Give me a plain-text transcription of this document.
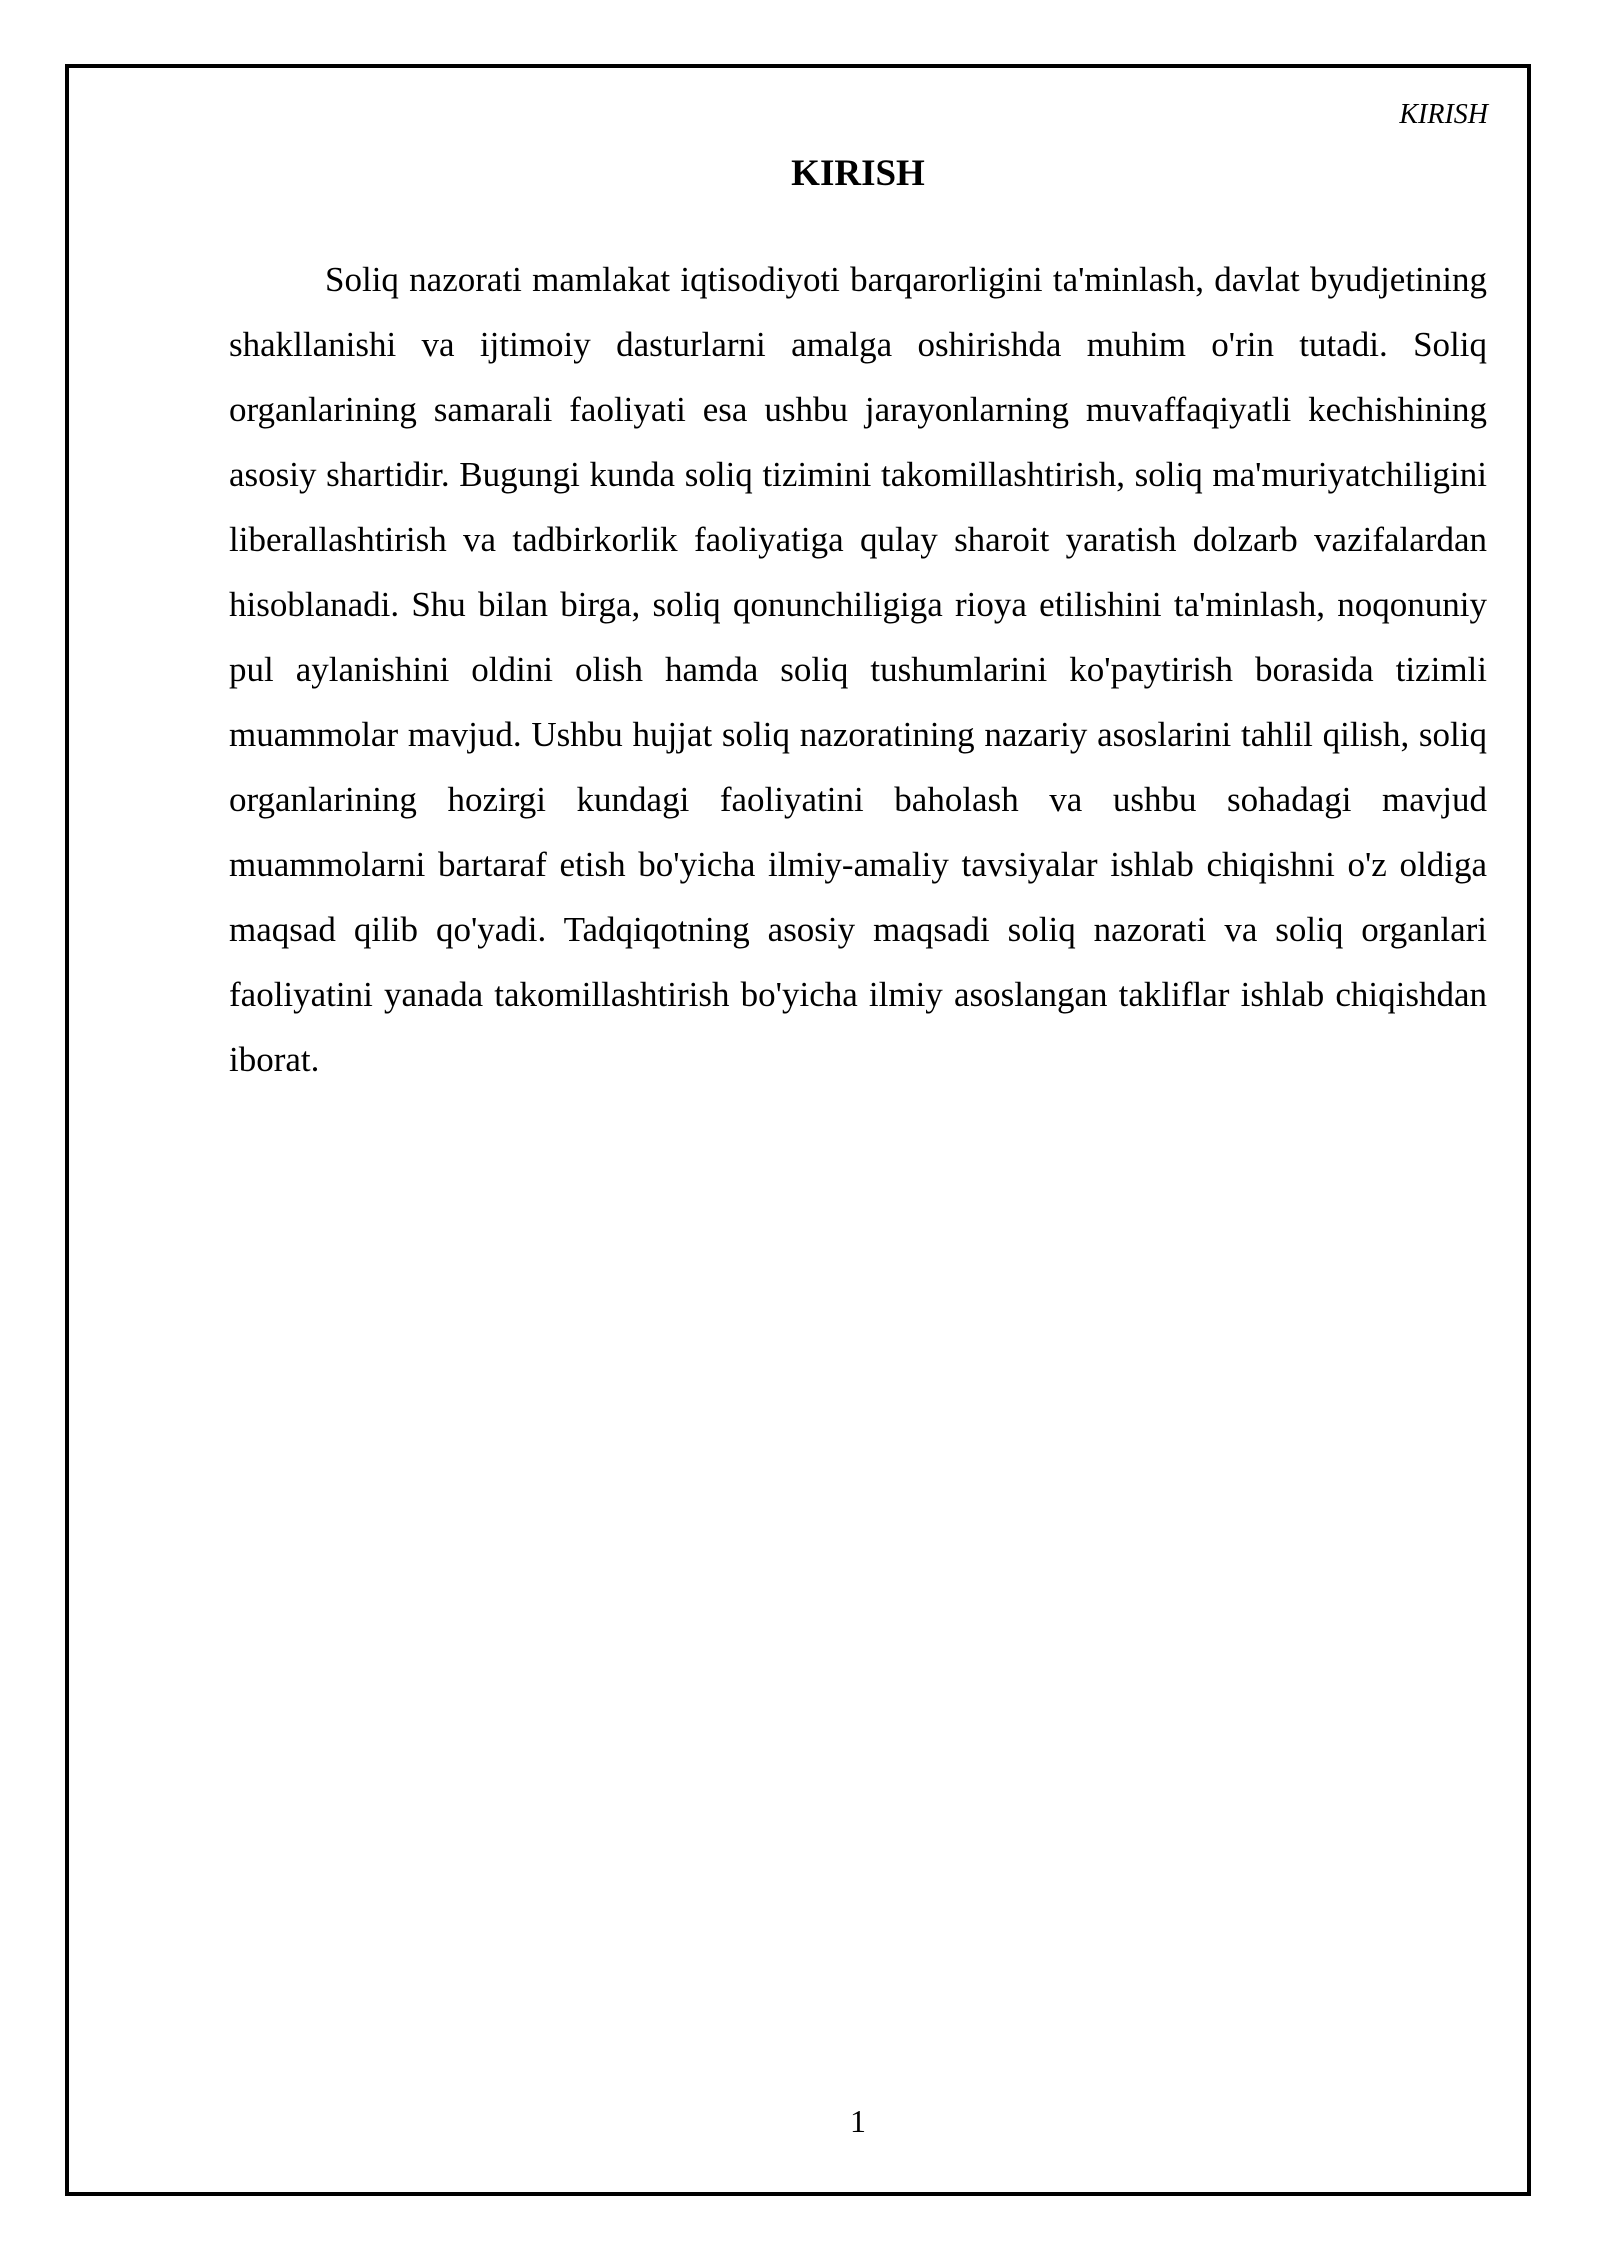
KIRISH
KIRISH

Soliq nazorati mamlakat iqtisodiyoti barqarorligini ta'minlash, davlat byudjetining shakllanishi va ijtimoiy dasturlarni amalga oshirishda muhim o'rin tutadi. Soliq organlarining samarali faoliyati esa ushbu jarayonlarning muvaffaqiyatli kechishining asosiy shartidir. Bugungi kunda soliq tizimini takomillashtirish, soliq ma'muriyatchiligini liberallashtirish va tadbirkorlik faoliyatiga qulay sharoit yaratish dolzarb vazifalardan hisoblanadi. Shu bilan birga, soliq qonunchiligiga rioya etilishini ta'minlash, noqonuniy pul aylanishini oldini olish hamda soliq tushumlarini ko'paytirish borasida tizimli muammolar mavjud. Ushbu hujjat soliq nazoratining nazariy asoslarini tahlil qilish, soliq organlarining hozirgi kundagi faoliyatini baholash va ushbu sohadagi mavjud muammolarni bartaraf etish bo'yicha ilmiy-amaliy tavsiyalar ishlab chiqishni o'z oldiga maqsad qilib qo'yadi. Tadqiqotning asosiy maqsadi soliq nazorati va soliq organlari faoliyatini yanada takomillashtirish bo'yicha ilmiy asoslangan takliflar ishlab chiqishdan iborat.

1
